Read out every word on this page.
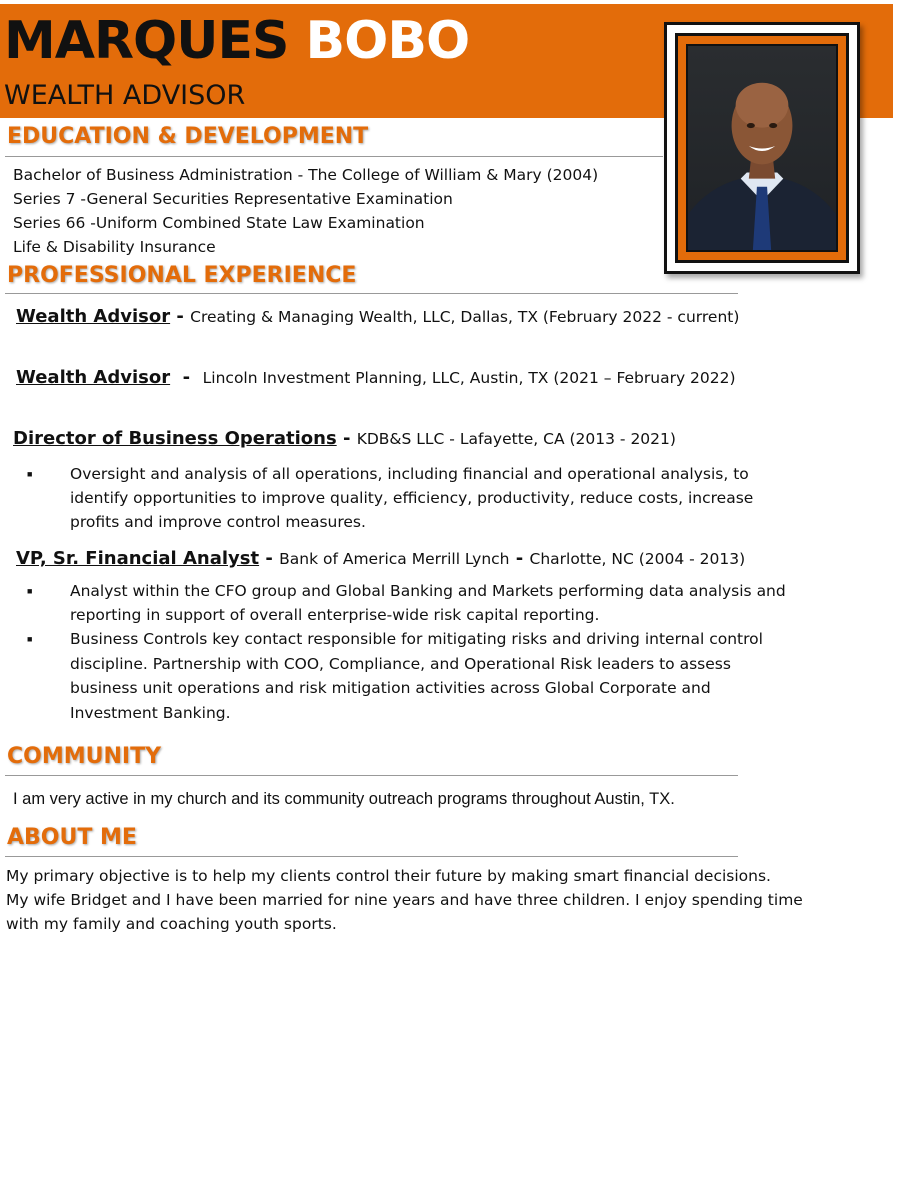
MARQUES BOBO
WEALTH ADVISOR
EDUCATION & DEVELOPMENT
Bachelor of Business Administration - The College of William & Mary (2004)
Series 7 -General Securities Representative Examination
Series 66 -Uniform Combined State Law Examination
Life & Disability Insurance
PROFESSIONAL EXPERIENCE
Wealth Advisor - Creating & Managing Wealth, LLC, Dallas, TX (February 2022 - current)
Wealth Advisor  -  Lincoln Investment Planning, LLC, Austin, TX (2021 – February 2022)
Director of Business Operations - KDB&S LLC - Lafayette, CA (2013 - 2021)
■ Oversight and analysis of all operations, including financial and operational analysis, to identify opportunities to improve quality, efficiency, productivity, reduce costs, increase profits and improve control measures.
VP, Sr. Financial Analyst - Bank of America Merrill Lynch - Charlotte, NC (2004 - 2013)
■ Analyst within the CFO group and Global Banking and Markets performing data analysis and reporting in support of overall enterprise-wide risk capital reporting.
■ Business Controls key contact responsible for mitigating risks and driving internal control discipline. Partnership with COO, Compliance, and Operational Risk leaders to assess business unit operations and risk mitigation activities across Global Corporate and Investment Banking.
COMMUNITY
I am very active in my church and its community outreach programs throughout Austin, TX.
ABOUT ME
My primary objective is to help my clients control their future by making smart financial decisions.
My wife Bridget and I have been married for nine years and have three children. I enjoy spending time
with my family and coaching youth sports.
